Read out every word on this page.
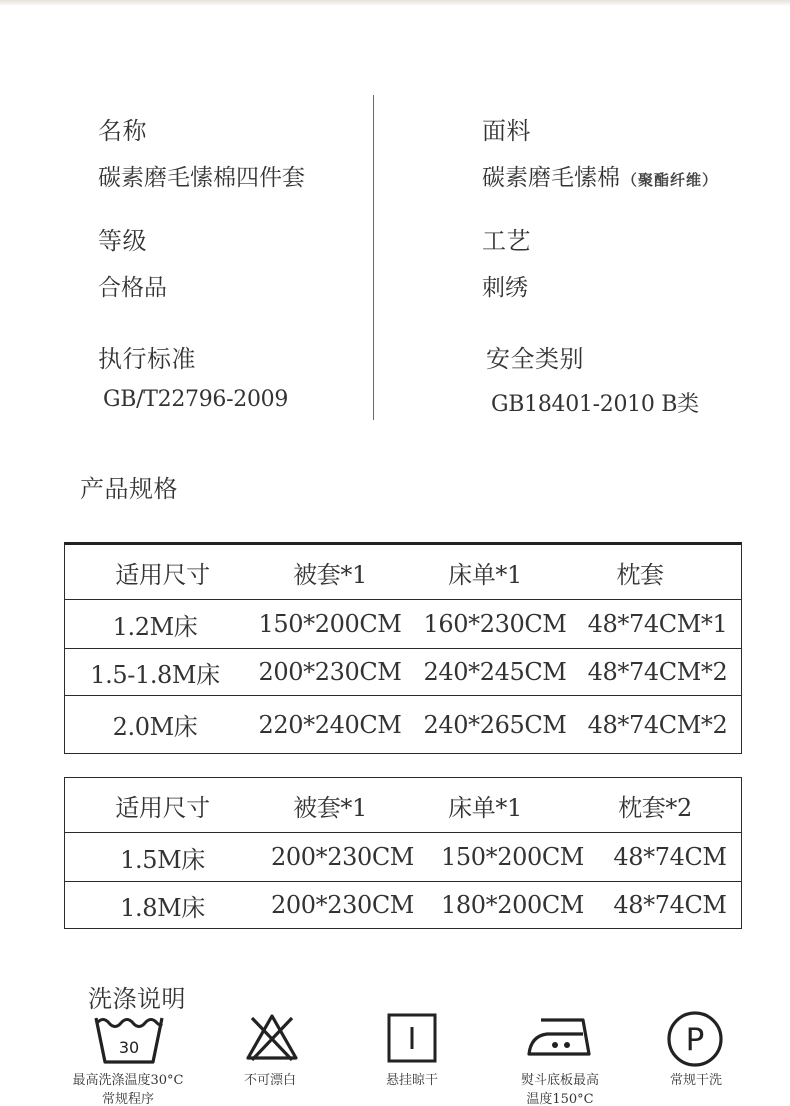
名称
碳素磨毛愫棉四件套
面料
碳素磨毛愫棉 （聚酯纤维）
等级
合格品
工艺
刺绣
执行标准
GB/T22796-2009
安全类别
GB18401-2010 B类
产品规格
适用尺寸	被套*1	床单*1	枕套
1.2M床	150*200CM 160*230CM 48*74CM*1
1.5-1.8M床	200*230CM 240*245CM 48*74CM*2
2.0M床	220*240CM 240*265CM 48*74CM*2
适用尺寸	被套*1	床单*1	枕套*2
1.5M床	200*230CM	150*200CM	48*74CM
1.8M床	200*230CM	180*200CM	48*74CM
洗涤说明
30
最高洗涤温度30°C
常规程序
不可漂白	悬挂晾干	熨斗底板最高
温度150°C
P
常规干洗
